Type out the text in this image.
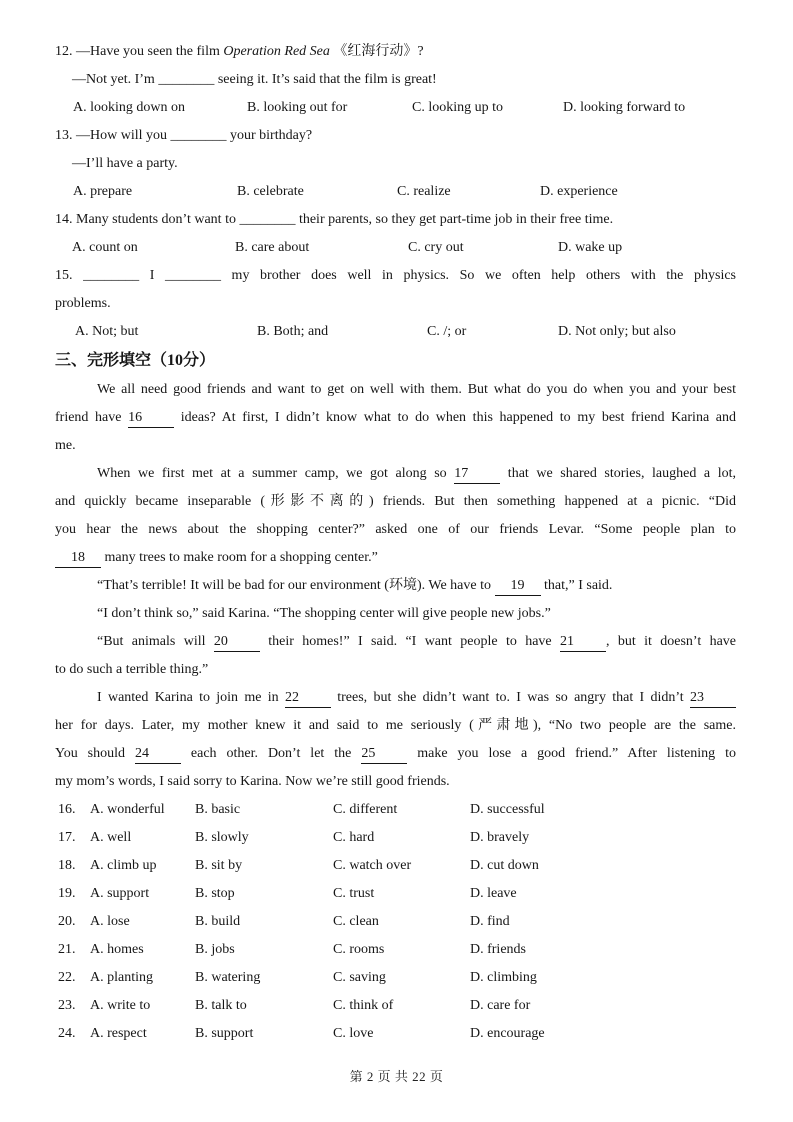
12. —Have you seen the film Operation Red Sea 《红海行动》?
—Not yet. I’m ________ seeing it. It’s said that the film is great!
A. looking down on	B. looking out for	C. looking up to	D. looking forward to
13. —How will you ________ your birthday?
—I’ll have a party.
A. prepare	B. celebrate	C. realize	D. experience
14. Many students don’t want to ________ their parents, so they get part-time job in their free time.
A. count on	B. care about	C. cry out	D. wake up
15. ________ I ________ my brother does well in physics. So we often help others with the physics
problems.
A. Not; but	B. Both; and	C. /; or	D. Not only; but also
三、完形填空（10分）
We all need good friends and want to get on well with them. But what do you do when you and your best
friend have 16 ideas? At first, I didn’t know what to do when this happened to my best friend Karina and
me.
When we first met at a summer camp, we got along so 17 that we shared stories, laughed a lot,
and quickly became inseparable (形影不离的) friends. But then something happened at a picnic. “Did
you hear the news about the shopping center?” asked one of our friends Levar. “Some people plan to
18 many trees to make room for a shopping center.”
“That’s terrible! It will be bad for our environment (环境). We have to 19 that,” I said.
“I don’t think so,” said Karina. “The shopping center will give people new jobs.”
“But animals will 20 their homes!” I said. “I want people to have 21 , but it doesn’t have
to do such a terrible thing.”
I wanted Karina to join me in 22 trees, but she didn’t want to. I was so angry that I didn’t 23
her for days. Later, my mother knew it and said to me seriously (严肃地), “No two people are the same.
You should 24 each other. Don’t let the 25 make you lose a good friend.” After listening to
my mom’s words, I said sorry to Karina. Now we’re still good friends.
16.	A. wonderful	B. basic	C. different	D. successful
17.	A. well	B. slowly	C. hard	D. bravely
18.	A. climb up	B. sit by	C. watch over	D. cut down
19.	A. support	B. stop	C. trust	D. leave
20.	A. lose	B. build	C. clean	D. find
21.	A. homes	B. jobs	C. rooms	D. friends
22.	A. planting	B. watering	C. saving	D. climbing
23.	A. write to	B. talk to	C. think of	D. care for
24.	A. respect	B. support	C. love	D. encourage
第 2 页 共 22 页
